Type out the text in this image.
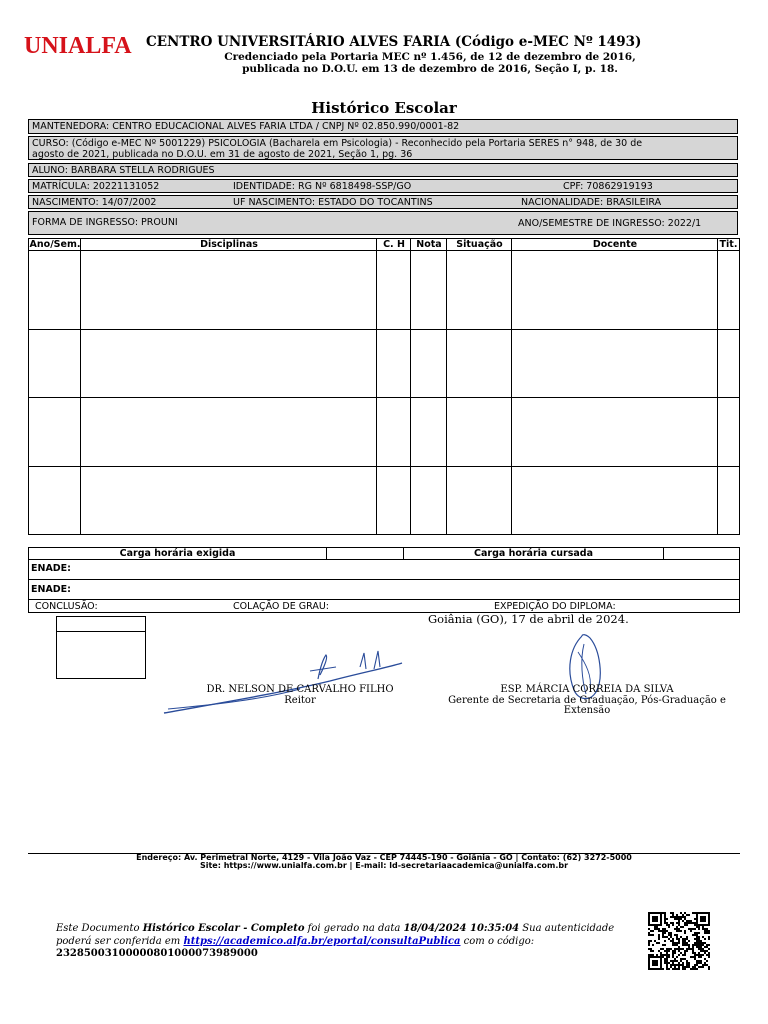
UNIALFA CENTRO UNIVERSITÁRIO ALVES FARIA (Código e-MEC Nº 1493)
Credenciado pela Portaria MEC nº 1.456, de 12 de dezembro de 2016,
publicada no D.O.U. em 13 de dezembro de 2016, Seção I, p. 18.
Histórico Escolar
MANTENEDORA: CENTRO EDUCACIONAL ALVES FARIA LTDA / CNPJ Nº 02.850.990/0001-82
CURSO: (Código e-MEC Nº 5001229) PSICOLOGIA (Bacharela em Psicologia) - Reconhecido pela Portaria SERES n° 948, de 30 de
agosto de 2021, publicada no D.O.U. em 31 de agosto de 2021, Seção 1, pg. 36
ALUNO: BARBARA STELLA RODRIGUES
MATRÍCULA: 20221131052	IDENTIDADE: RG Nº 6818498-SSP/GO	CPF: 70862919193
NASCIMENTO: 14/07/2002	UF NASCIMENTO: ESTADO DO TOCANTINS	NACIONALIDADE: BRASILEIRA
FORMA DE INGRESSO: PROUNI	ANO/SEMESTRE DE INGRESSO: 2022/1
Ano/Sem.	Disciplinas	C. H	Nota	Situação	Docente	Tit.
Carga horária exigida	Carga horária cursada
ENADE:
ENADE:
CONCLUSÃO:	COLAÇÃO DE GRAU:	EXPEDIÇÃO DO DIPLOMA:
Goiânia (GO), 17 de abril de 2024.
DR. NELSON DE CARVALHO FILHO
Reitor
ESP. MÁRCIA CORREIA DA SILVA
Gerente de Secretaria de Graduação, Pós-Graduação e
Extensão
Endereço: Av. Perimetral Norte, 4129 - Vila João Vaz - CEP 74445-190 - Goiânia - GO | Contato: (62) 3272-5000
Site: https://www.unialfa.com.br | E-mail: ld-secretariaacademica@unialfa.com.br
Este Documento Histórico Escolar - Completo foi gerado na data 18/04/2024 10:35:04 Sua autenticidade poderá ser conferida em https://academico.alfa.br/eportal/consultaPublica com o código:
23285003100000801000073989000
